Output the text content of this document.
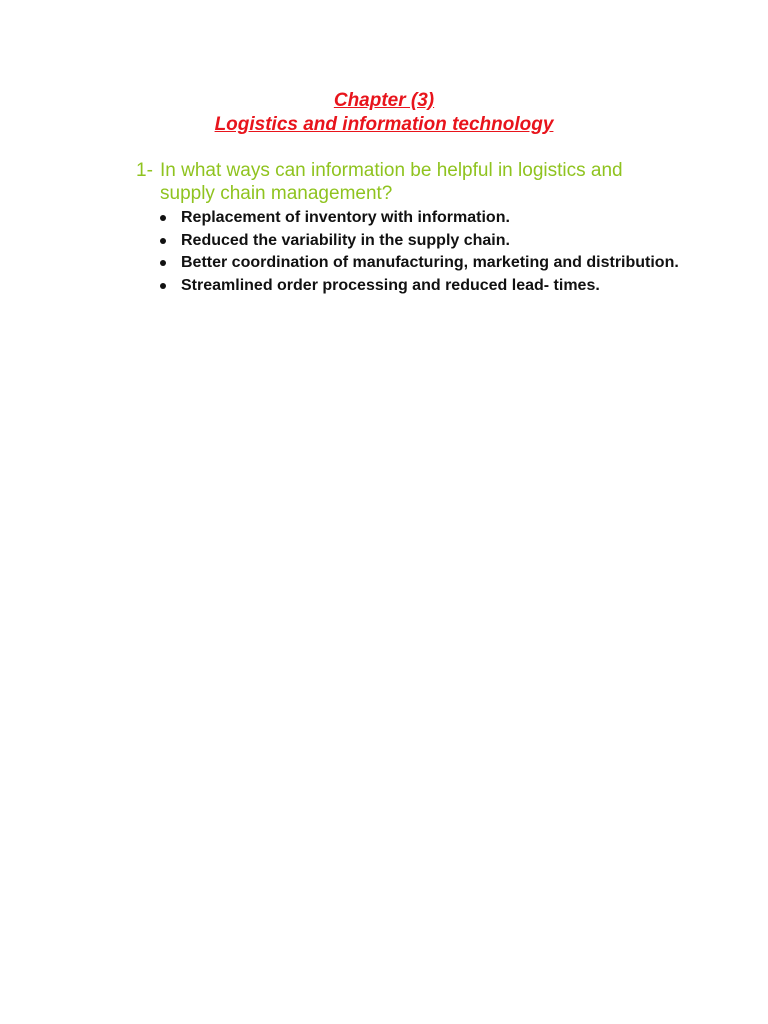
Chapter (3)
Logistics and information technology
1- In what ways can information be helpful in logistics and
supply chain management?
Replacement of inventory with information.
Reduced the variability in the supply chain.
Better coordination of manufacturing, marketing and distribution.
Streamlined order processing and reduced lead- times.
